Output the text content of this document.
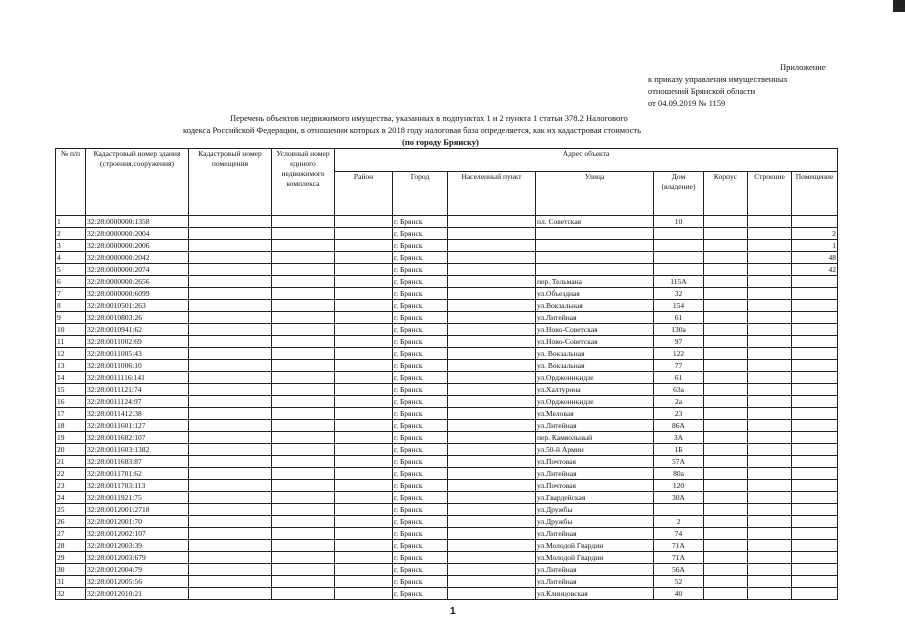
Приложение
к приказу управления имущественных
отношений Брянской области
от 04.09.2019 № 1159
Перечень объектов недвижимого имущества, указанных в подпунктах 1 и 2 пункта 1 статьи 378.2 Налогового
кодекса Российской Федерации, в отношении которых в 2018 году налоговая база определяется, как их кадастровая стоимость
(по городу Брянску)
№ п/п	Кадастровый номер здания (строения,сооружения)	Кадастровый номер помещения	Условный номер единого недвижимого комплекса	Адрес объекта							
				Район	Город	Населенный пункт	Улица	Дом (владение)	Корпус	Строение	Помещение
1	32:28:0000000:1358				г. Брянск		пл. Советская	10			
2	32:28:0000000:2004				г. Брянск						2
3	32:28:0000000:2006				г. Брянск						1
4	32:28:0000000:2042				г. Брянск						48
5	32:28:0000000:2074				г. Брянск						42
6	32:28:0000000:2656				г. Брянск		пер. Тельмана	115А			
7	32:28:0000000:6099				г. Брянск		ул.Объездная	32			
8	32:28:0010501:263				г. Брянск		ул.Вокзальная	154			
9	32:28:0010803:26				г. Брянск		ул.Литейная	61			
10	32:28:0010941:62				г. Брянск		ул.Ново-Советская	130а			
11	32:28:0011002:69				г. Брянск		ул.Ново-Советская	97			
12	32:28:0011005:43				г. Брянск		ул. Вокзальная	122			
13	32:28:0011006:10				г. Брянск		ул. Вокзальная	77			
14	32:28:0011116:141				г. Брянск		ул.Орджоникидзе	61			
15	32:28:0011121:74				г. Брянск		ул.Халтурина	63а			
16	32:28:0011124:97				г. Брянск		ул.Орджоникидзе	2а			
17	32:28:0011412:38				г. Брянск		ул.Меловая	23			
18	32:28:0011601:127				г. Брянск		ул.Литейная	86А			
19	32:28:0011602:107				г. Брянск		пер. Камвольный	3А			
20	32:28:0011603:1382				г. Брянск		ул.50-й Армии	1Б			
21	32:28:0011603:87				г. Брянск		ул.Почтовая	57А			
22	32:28:0011701:62				г. Брянск		ул.Литейная	80а			
23	32:28:0011703:113				г. Брянск		ул.Почтовая	120			
24	32:28:0011921:75				г. Брянск		ул.Гвардейская	30А			
25	32:28:0012001:2718				г. Брянск		ул.Дружбы				
26	32:28:0012001:70				г. Брянск		ул.Дружбы	2			
27	32:28:0012002:107				г. Брянск		ул.Литейная	74			
28	32:28:0012003:39				г. Брянск		ул.Молодой Гвардии	71А			
29	32:28:0012003:679				г. Брянск		ул.Молодой Гвардии	71А			
30	32:28:0012004:79				г. Брянск		ул.Литейная	56А			
31	32:28:0012005:56				г. Брянск		ул.Литейная	52			
32	32:28:0012010:21				г. Брянск		ул.Клинцовская	40			
1
